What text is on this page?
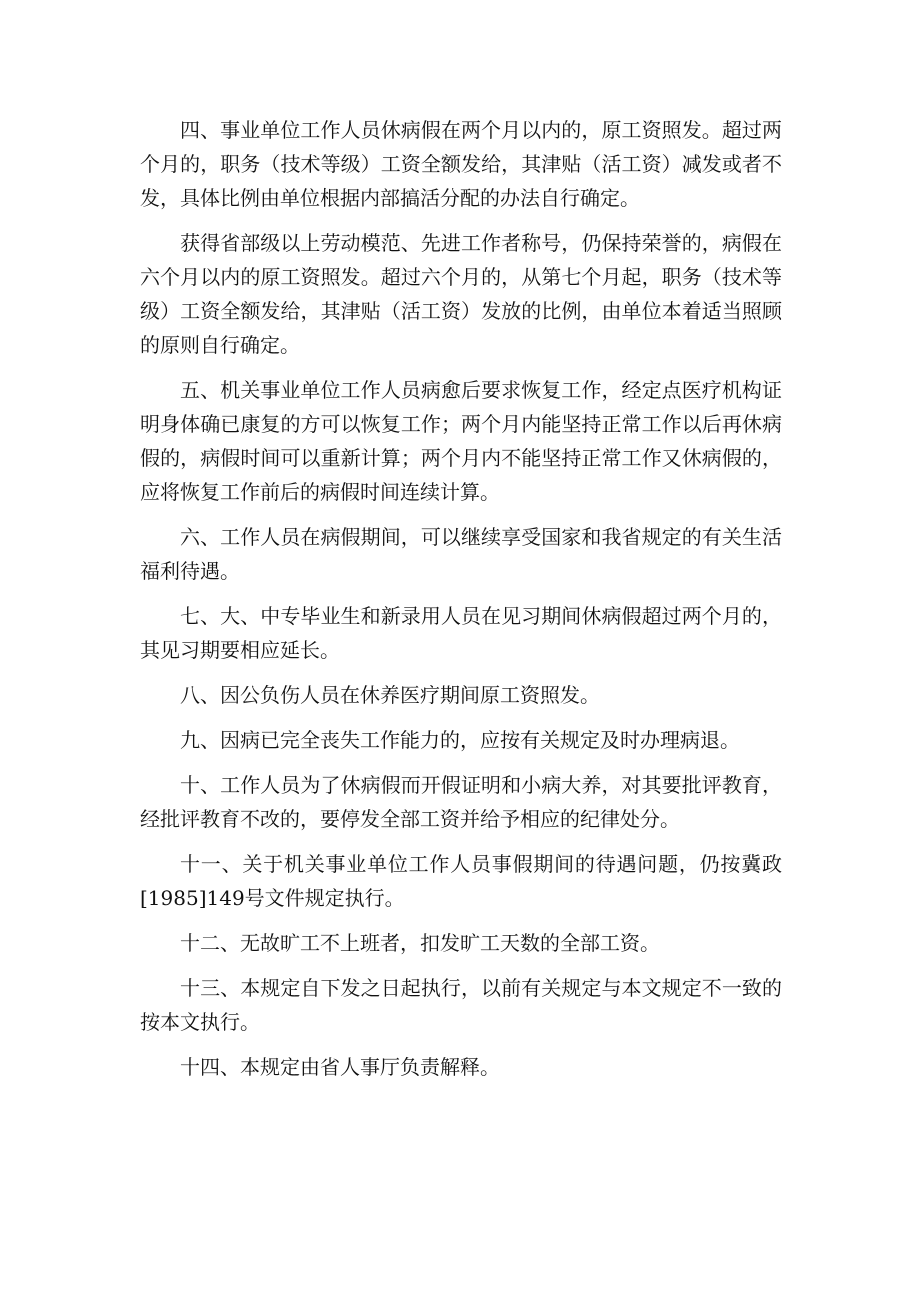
四、事业单位工作人员休病假在两个月以内的，原工资照发。超过两个月的，职务（技术等级）工资全额发给，其津贴（活工资）减发或者不发，具体比例由单位根据内部搞活分配的办法自行确定。

获得省部级以上劳动模范、先进工作者称号，仍保持荣誉的，病假在六个月以内的原工资照发。超过六个月的，从第七个月起，职务（技术等级）工资全额发给，其津贴（活工资）发放的比例，由单位本着适当照顾的原则自行确定。

五、机关事业单位工作人员病愈后要求恢复工作，经定点医疗机构证明身体确已康复的方可以恢复工作；两个月内能坚持正常工作以后再休病假的，病假时间可以重新计算；两个月内不能坚持正常工作又休病假的，应将恢复工作前后的病假时间连续计算。

六、工作人员在病假期间，可以继续享受国家和我省规定的有关生活福利待遇。

七、大、中专毕业生和新录用人员在见习期间休病假超过两个月的，其见习期要相应延长。

八、因公负伤人员在休养医疗期间原工资照发。

九、因病已完全丧失工作能力的，应按有关规定及时办理病退。

十、工作人员为了休病假而开假证明和小病大养，对其要批评教育，经批评教育不改的，要停发全部工资并给予相应的纪律处分。

十一、关于机关事业单位工作人员事假期间的待遇问题，仍按冀政[1985]149号文件规定执行。

十二、无故旷工不上班者，扣发旷工天数的全部工资。

十三、本规定自下发之日起执行，以前有关规定与本文规定不一致的按本文执行。

十四、本规定由省人事厅负责解释。
